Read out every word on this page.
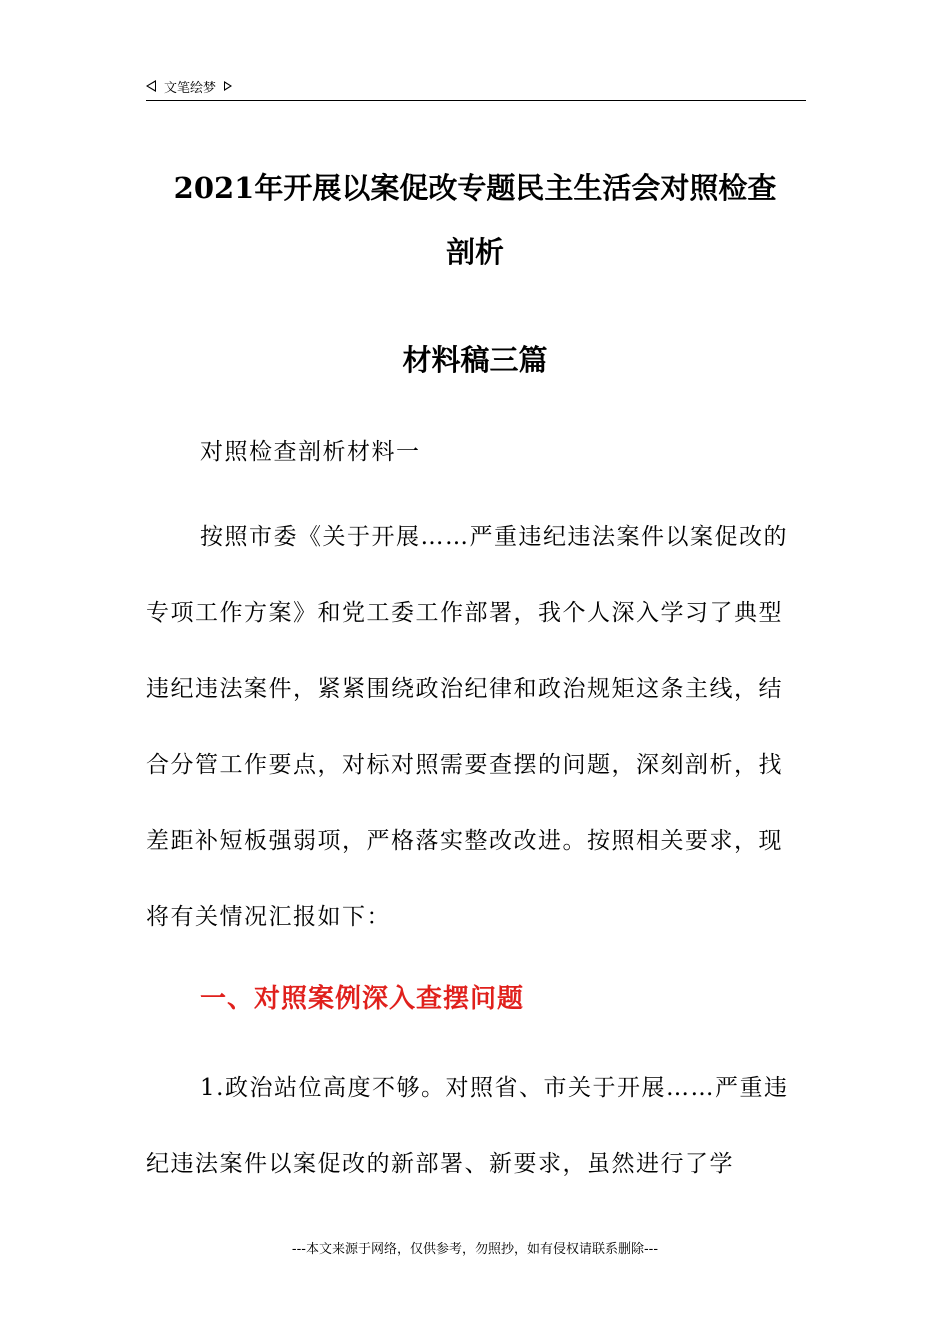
文笔绘梦
2021年开展以案促改专题民主生活会对照检查
剖析
材料稿三篇
对照检查剖析材料一
按照市委《关于开展……严重违纪违法案件以案促改的专项工作方案》和党工委工作部署，我个人深入学习了典型违纪违法案件，紧紧围绕政治纪律和政治规矩这条主线，结合分管工作要点，对标对照需要查摆的问题，深刻剖析，找差距补短板强弱项，严格落实整改改进。按照相关要求，现将有关情况汇报如下：
一、对照案例深入查摆问题
1.政治站位高度不够。对照省、市关于开展……严重违纪违法案件以案促改的新部署、新要求，虽然进行了学
---本文来源于网络，仅供参考，勿照抄，如有侵权请联系删除---
